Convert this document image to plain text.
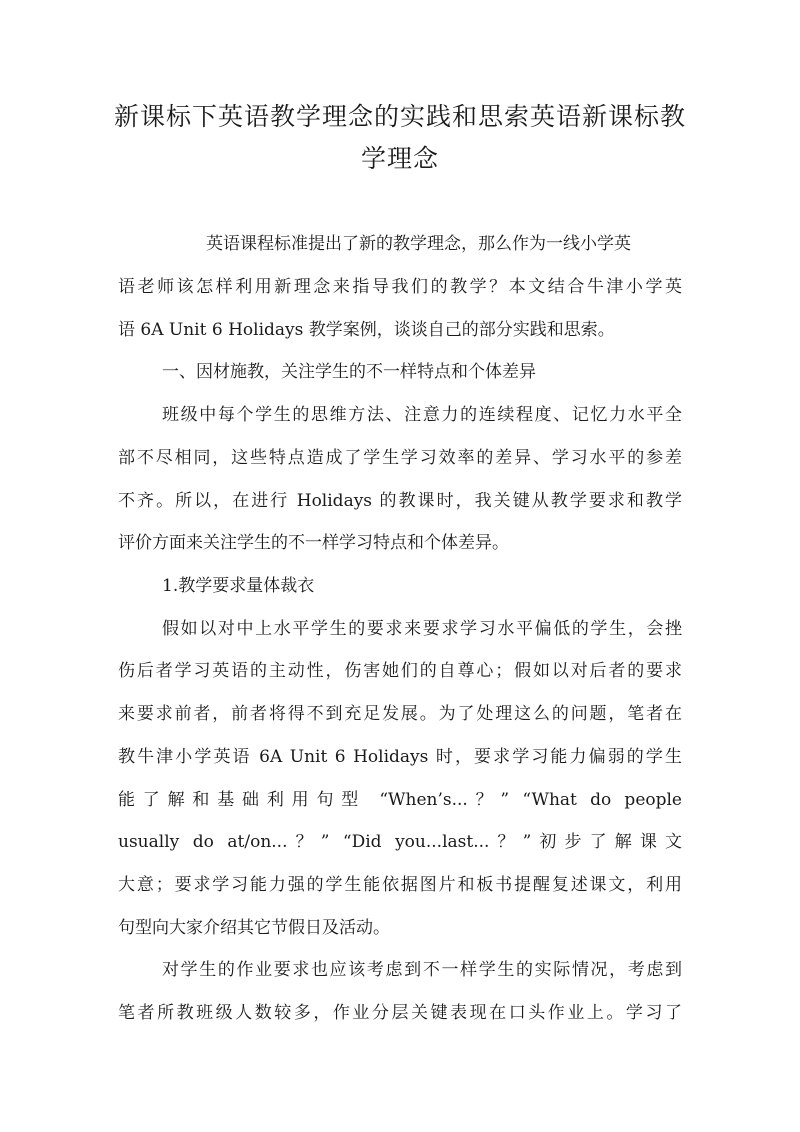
新课标下英语教学理念的实践和思索英语新课标教
学理念
英语课程标准提出了新的教学理念，那么作为一线小学英
语老师该怎样利用新理念来指导我们的教学？本文结合牛津小学英
语 6A Unit 6 Holidays 教学案例，谈谈自己的部分实践和思索。
一、因材施教，关注学生的不一样特点和个体差异
班级中每个学生的思维方法、注意力的连续程度、记忆力水平全
部不尽相同，这些特点造成了学生学习效率的差异、学习水平的参差
不齐。所以，在进行 Holidays 的教课时，我关键从教学要求和教学
评价方面来关注学生的不一样学习特点和个体差异。
1.教学要求量体裁衣
假如以对中上水平学生的要求来要求学习水平偏低的学生，会挫
伤后者学习英语的主动性，伤害她们的自尊心；假如以对后者的要求
来要求前者，前者将得不到充足发展。为了处理这么的问题，笔者在
教牛津小学英语 6A Unit 6 Holidays 时，要求学习能力偏弱的学生
能了解和基础利用句型 “When’s...？” “What do people
usually do at/on...？” “Did you...last...？”初步了解课文
大意；要求学习能力强的学生能依据图片和板书提醒复述课文，利用
句型向大家介绍其它节假日及活动。
对学生的作业要求也应该考虑到不一样学生的实际情况，考虑到
笔者所教班级人数较多，作业分层关键表现在口头作业上。学习了
